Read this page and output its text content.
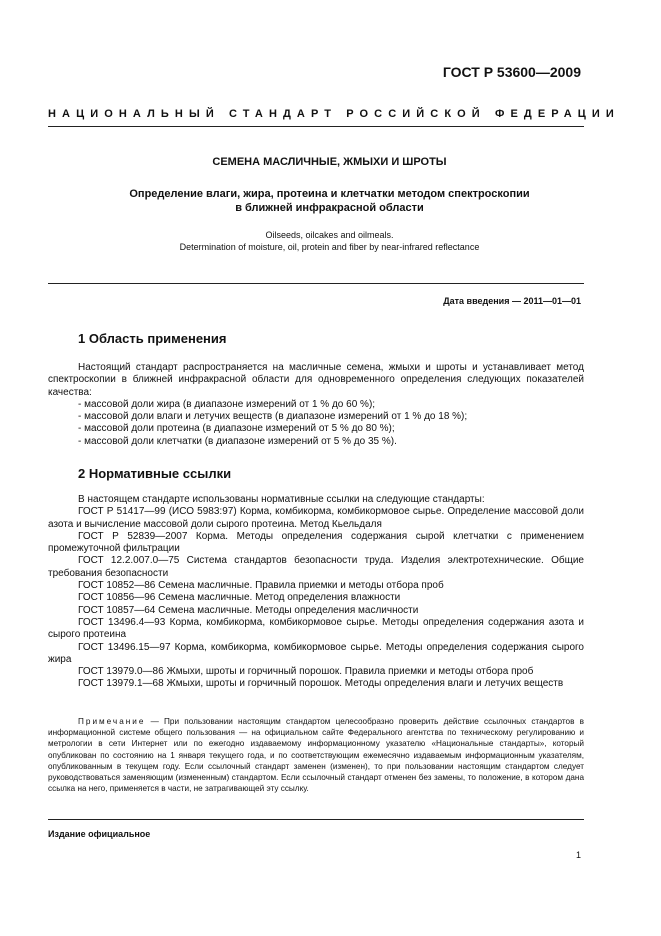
ГОСТ Р 53600—2009
НАЦИОНАЛЬНЫЙ СТАНДАРТ РОССИЙСКОЙ ФЕДЕРАЦИИ
СЕМЕНА МАСЛИЧНЫЕ, ЖМЫХИ И ШРОТЫ
Определение влаги, жира, протеина и клетчатки методом спектроскопии
в ближней инфракрасной области
Oilseeds, oilcakes and oilmeals.
Determination of moisture, oil, protein and fiber by near-infrared reflectance
Дата введения — 2011—01—01
1 Область применения

Настоящий стандарт распространяется на масличные семена, жмыхи и шроты и устанавливает метод спектроскопии в ближней инфракрасной области для одновременного определения следующих показателей качества:

- массовой доли жира (в диапазоне измерений от 1 % до 60 %);

- массовой доли влаги и летучих веществ (в диапазоне измерений от 1 % до 18 %);

- массовой доли протеина (в диапазоне измерений от 5 % до 80 %);

- массовой доли клетчатки (в диапазоне измерений от 5 % до 35 %).

2 Нормативные ссылки

В настоящем стандарте использованы нормативные ссылки на следующие стандарты:

ГОСТ Р 51417—99 (ИСО 5983:97) Корма, комбикорма, комбикормовое сырье. Определение массовой доли азота и вычисление массовой доли сырого протеина. Метод Кьельдаля

ГОСТ Р 52839—2007 Корма. Методы определения содержания сырой клетчатки с применением промежуточной фильтрации

ГОСТ 12.2.007.0—75 Система стандартов безопасности труда. Изделия электротехнические. Общие требования безопасности

ГОСТ 10852—86 Семена масличные. Правила приемки и методы отбора проб

ГОСТ 10856—96 Семена масличные. Метод определения влажности

ГОСТ 10857—64 Семена масличные. Методы определения масличности

ГОСТ 13496.4—93 Корма, комбикорма, комбикормовое сырье. Методы определения содержания азота и сырого протеина

ГОСТ 13496.15—97 Корма, комбикорма, комбикормовое сырье. Методы определения содержания сырого жира

ГОСТ 13979.0—86 Жмыхи, шроты и горчичный порошок. Правила приемки и методы отбора проб

ГОСТ 13979.1—68 Жмыхи, шроты и горчичный порошок. Методы определения влаги и летучих веществ

Примечание — При пользовании настоящим стандартом целесообразно проверить действие ссылочных стандартов в информационной системе общего пользования — на официальном сайте Федерального агентства по техническому регулированию и метрологии в сети Интернет или по ежегодно издаваемому информационному указателю «Национальные стандарты», который опубликован по состоянию на 1 января текущего года, и по соответствующим ежемесячно издаваемым информационным указателям, опубликованным в текущем году. Если ссылочный стандарт заменен (изменен), то при пользовании настоящим стандартом следует руководствоваться заменяющим (измененным) стандартом. Если ссылочный стандарт отменен без замены, то положение, в котором дана ссылка на него, применяется в части, не затрагивающей эту ссылку.
Издание официальное
1
